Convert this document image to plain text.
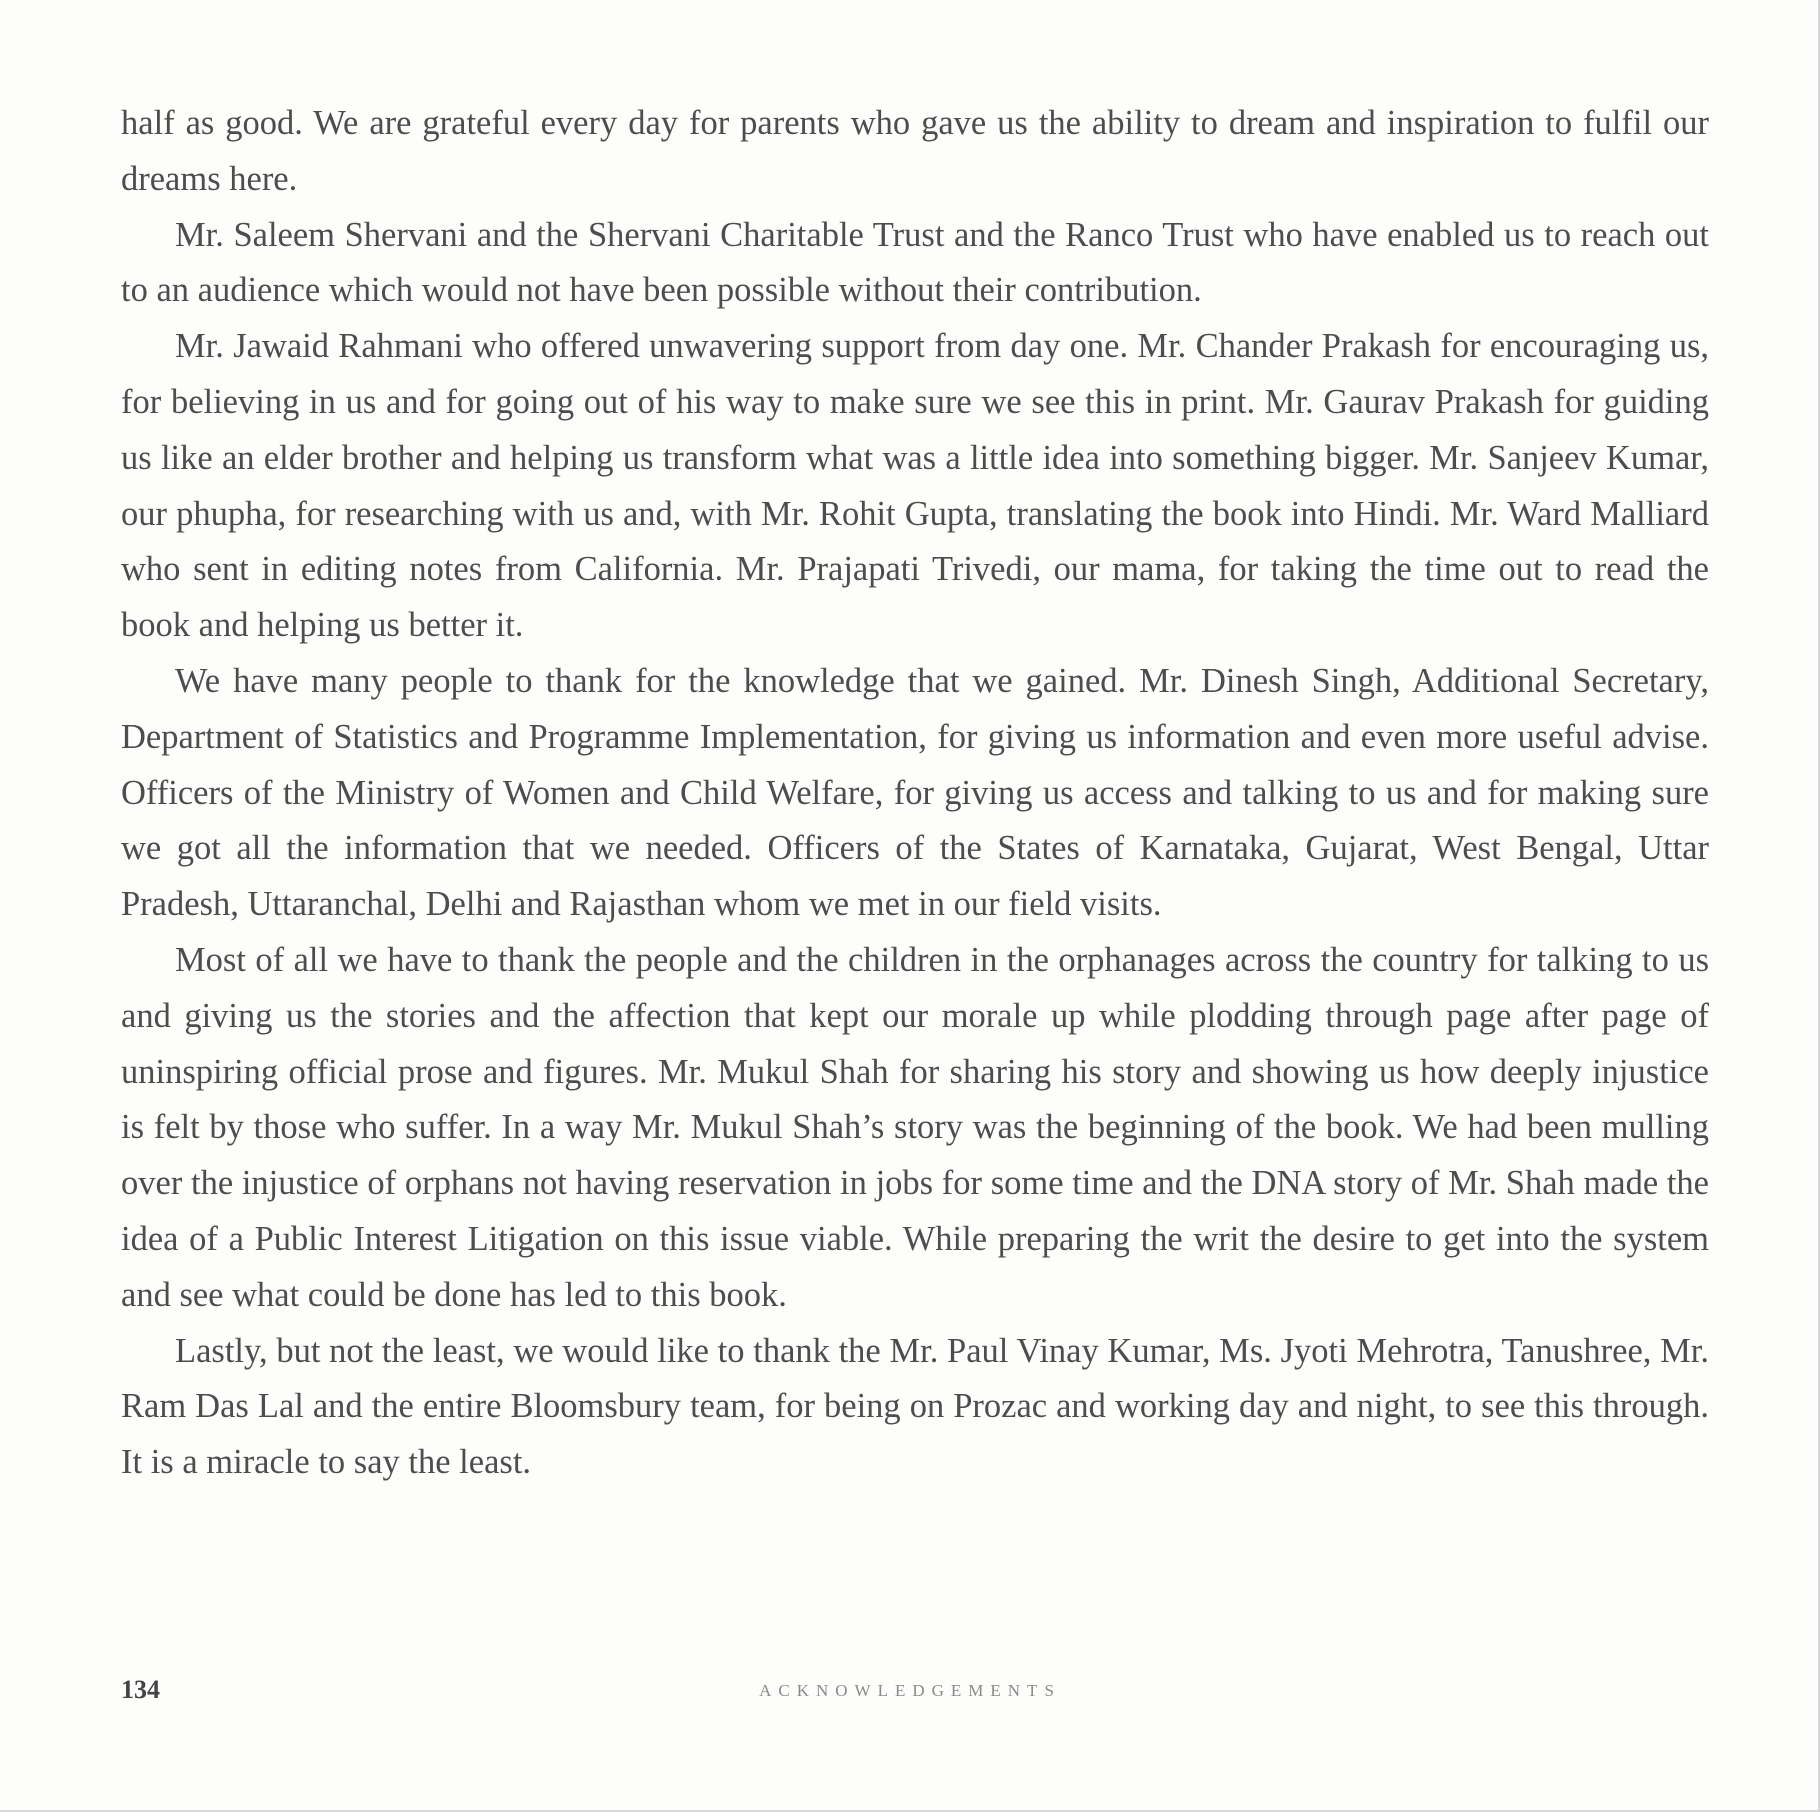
half as good. We are grateful every day for parents who gave us the ability to dream and inspiration to fulfil our dreams here.

Mr. Saleem Shervani and the Shervani Charitable Trust and the Ranco Trust who have enabled us to reach out to an audience which would not have been possible without their contribution.

Mr. Jawaid Rahmani who offered unwavering support from day one. Mr. Chander Prakash for encouraging us, for believing in us and for going out of his way to make sure we see this in print. Mr. Gaurav Prakash for guiding us like an elder brother and helping us transform what was a little idea into something bigger. Mr. Sanjeev Kumar, our phupha, for researching with us and, with Mr. Rohit Gupta, translating the book into Hindi. Mr. Ward Malliard who sent in editing notes from California. Mr. Prajapati Trivedi, our mama, for taking the time out to read the book and helping us better it.

We have many people to thank for the knowledge that we gained. Mr. Dinesh Singh, Additional Secretary, Department of Statistics and Programme Implementation, for giving us information and even more useful advise. Officers of the Ministry of Women and Child Welfare, for giving us access and talking to us and for making sure we got all the information that we needed. Officers of the States of Karnataka, Gujarat, West Bengal, Uttar Pradesh, Uttaranchal, Delhi and Rajasthan whom we met in our field visits.

Most of all we have to thank the people and the children in the orphanages across the country for talking to us and giving us the stories and the affection that kept our morale up while plodding through page after page of uninspiring official prose and figures. Mr. Mukul Shah for sharing his story and showing us how deeply injustice is felt by those who suffer. In a way Mr. Mukul Shah’s story was the beginning of the book. We had been mulling over the injustice of orphans not having reservation in jobs for some time and the DNA story of Mr. Shah made the idea of a Public Interest Litigation on this issue viable. While preparing the writ the desire to get into the system and see what could be done has led to this book.

Lastly, but not the least, we would like to thank the Mr. Paul Vinay Kumar, Ms. Jyoti Mehrotra, Tanushree, Mr. Ram Das Lal and the entire Bloomsbury team, for being on Prozac and working day and night, to see this through. It is a miracle to say the least.

134	ACKNOWLEDGEMENTS
